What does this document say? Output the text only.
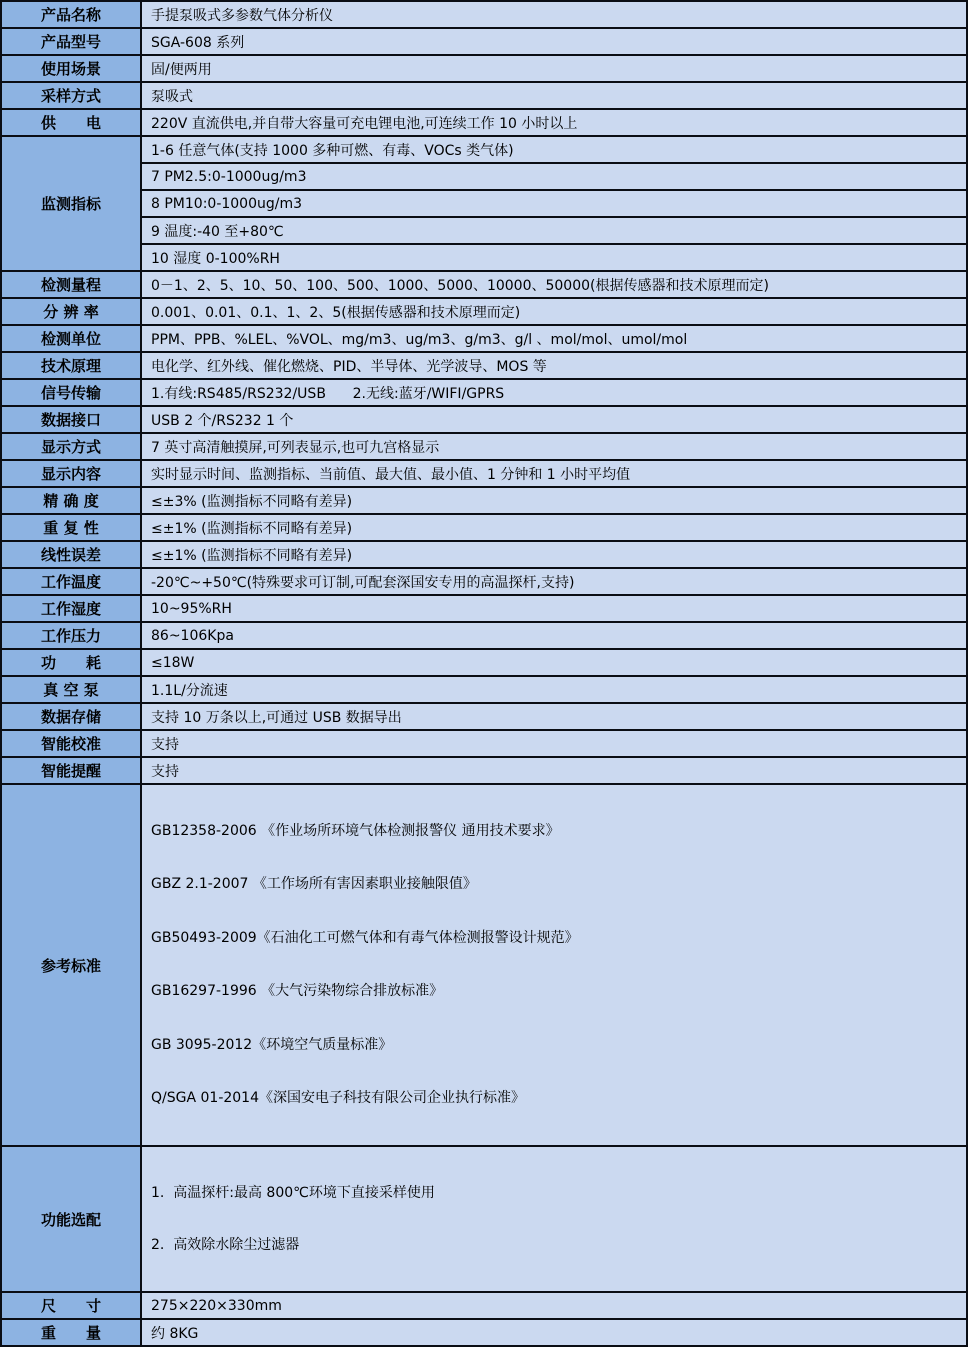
产品名称	手提泵吸式多参数气体分析仪
产品型号	SGA-608 系列
使用场景	固/便两用
采样方式	泵吸式
供　　电	220V 直流供电,并自带大容量可充电锂电池,可连续工作 10 小时以上
监测指标	1-6 任意气体(支持 1000 多种可燃、有毒、VOCs 类气体)
	7 PM2.5:0-1000ug/m3
	8 PM10:0-1000ug/m3
	9 温度:-40 至+80℃
	10 湿度 0-100%RH
检测量程	0－1、2、5、10、50、100、500、1000、5000、10000、50000(根据传感器和技术原理而定)
分 辨 率	0.001、0.01、0.1、1、2、5(根据传感器和技术原理而定)
检测单位	PPM、PPB、%LEL、%VOL、mg/m3、ug/m3、g/m3、g/l 、mol/mol、umol/mol
技术原理	电化学、红外线、催化燃烧、PID、半导体、光学波导、MOS 等
信号传输	1.有线:RS485/RS232/USB      2.无线:蓝牙/WIFI/GPRS
数据接口	USB 2 个/RS232 1 个
显示方式	7 英寸高清触摸屏,可列表显示,也可九宫格显示
显示内容	实时显示时间、监测指标、当前值、最大值、最小值、1 分钟和 1 小时平均值
精 确 度	≤±3% (监测指标不同略有差异)
重 复 性	≤±1% (监测指标不同略有差异)
线性误差	≤±1% (监测指标不同略有差异)
工作温度	-20℃~+50℃(特殊要求可订制,可配套深国安专用的高温探杆,支持)
工作湿度	10~95%RH
工作压力	86~106Kpa
功　　耗	≤18W
真 空 泵	1.1L/分流速
数据存储	支持 10 万条以上,可通过 USB 数据导出
智能校准	支持
智能提醒	支持
参考标准	

GB12358-2006 《作业场所环境气体检测报警仪 通用技术要求》

GBZ 2.1-2007 《工作场所有害因素职业接触限值》

GB50493-2009《石油化工可燃气体和有毒气体检测报警设计规范》

GB16297-1996 《大气污染物综合排放标准》

GB 3095-2012《环境空气质量标准》

Q/SGA 01-2014《深国安电子科技有限公司企业执行标准》

功能选配	1.  高温探杆:最高 800℃环境下直接采样使用

2.  高效除水除尘过滤器

尺　　寸	275×220×330mm
重　　量	约 8KG
